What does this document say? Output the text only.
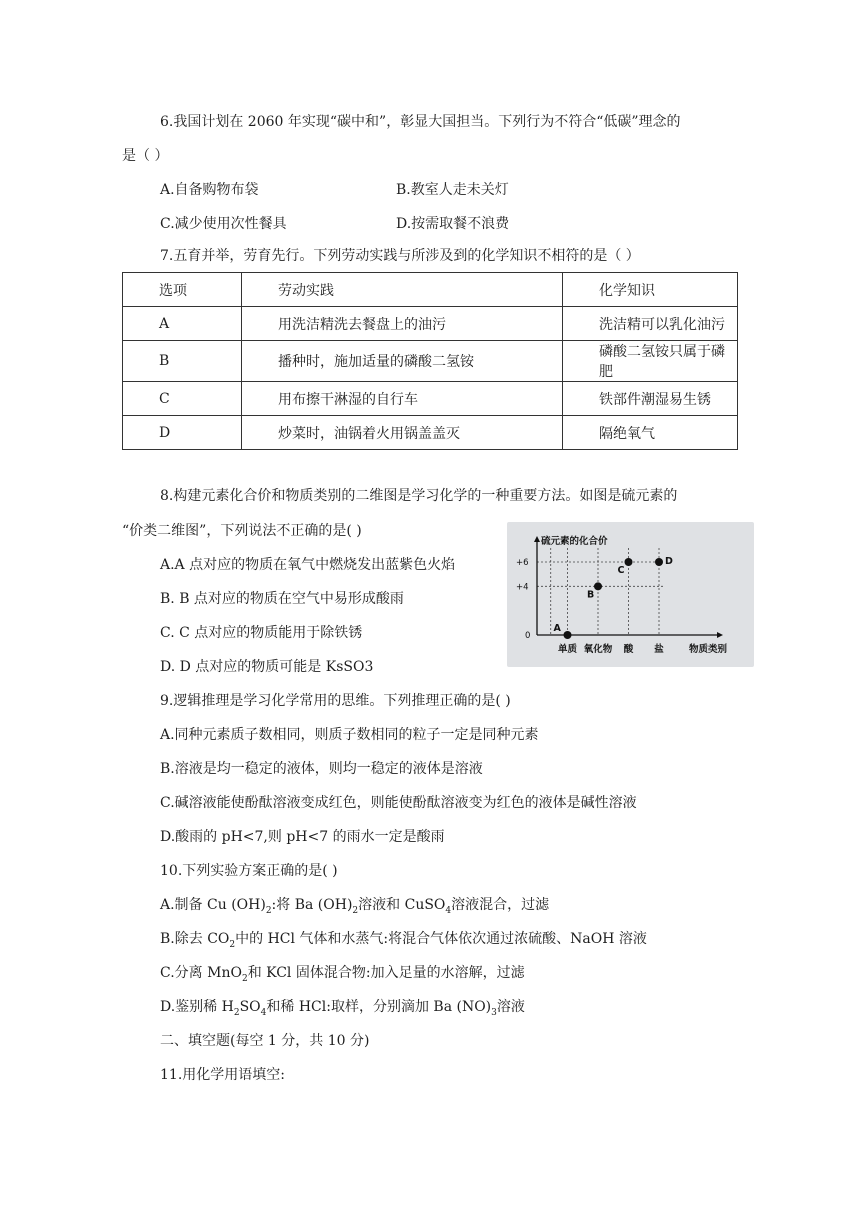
6.我国计划在 2060 年实现“碳中和”，彰显大国担当。下列行为不符合“低碳”理念的
是（ ）
A.自备购物布袋	B.教室人走未关灯
C.减少使用次性餐具	D.按需取餐不浪费
7.五育并举，劳育先行。下列劳动实践与所涉及到的化学知识不相符的是（ ）
选项	劳动实践	化学知识
A	用洗洁精洗去餐盘上的油污	洗洁精可以乳化油污
B	播种时，施加适量的磷酸二氢铵	磷酸二氢铵只属于磷肥
C	用布擦干淋湿的自行车	铁部件潮湿易生锈
D	炒菜时，油锅着火用锅盖盖灭	隔绝氧气
8.构建元素化合价和物质类别的二维图是学习化学的一种重要方法。如图是硫元素的
“价类二维图”，下列说法不正确的是( )
A.A 点对应的物质在氧气中燃烧发出蓝紫色火焰
B. B 点对应的物质在空气中易形成酸雨
C. C 点对应的物质能用于除铁锈
D. D 点对应的物质可能是 KsSO3
硫元素的化合价
物质类别
+6
+4
0
单质 氧化物 酸 盐
A
B
C
D
9.逻辑推理是学习化学常用的思维。下列推理正确的是( )
A.同种元素质子数相同，则质子数相同的粒子一定是同种元素
B.溶液是均一稳定的液体，则均一稳定的液体是溶液
C.碱溶液能使酚酞溶液变成红色，则能使酚酞溶液变为红色的液体是碱性溶液
D.酸雨的 pH<7,则 pH<7 的雨水一定是酸雨
10.下列实验方案正确的是( )
A.制备 Cu $(OH)_2$:将 Ba $(OH)_2$溶液和 CuSO$_4$溶液混合，过滤
B.除去 $CO_2$中的 HCl 气体和水蒸气:将混合气体依次通过浓硫酸、NaOH 溶液
C.分离 MnO$_2$和 KCl 固体混合物:加入足量的水溶解，过滤
D.鉴别稀 $H_2SO_4$和稀 HCl:取样，分别滴加 Ba $(NO)_3$溶液
二、填空题(每空 1 分，共 10 分)
11.用化学用语填空:
